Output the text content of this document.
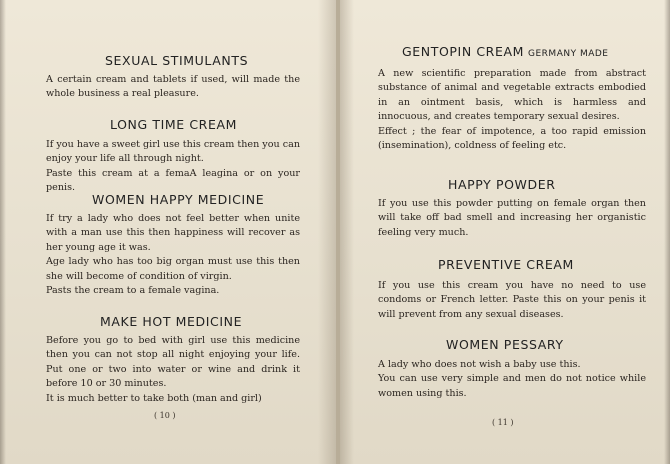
SEXUAL STIMULANTS

A certain cream and tablets if used, will made the whole business a real pleasure.

LONG TIME CREAM

If you have a sweet girl use this cream then you can enjoy your life all through night.

Paste this cream at a femaA leagina or on your penis.

WOMEN HAPPY MEDICINE

If try a lady who does not feel better when unite with a man use this then happiness will recover as her young age it was.

Age lady who has too big organ must use this then she will become of condition of virgin.

Pasts the cream to a female vagina.

MAKE HOT MEDICINE

Before you go to bed with girl use this medicine then you can not stop all night enjoying your life. Put one or two into water or wine and drink it before 10 or 30 minutes.

It is much better to take both (man and girl)

( 10 )
GENTOPIN CREAM GERMANY MADE

A new scientific preparation made from abstract substance of animal and vegetable extracts embodied in an ointment basis, which is harmless and innocuous, and creates temporary sexual desires.

Effect ; the fear of impotence, a too rapid emission (insemination), coldness of feeling etc.

HAPPY POWDER

If you use this powder putting on female organ then will take off bad smell and increasing her organistic feeling very much.

PREVENTIVE CREAM

If you use this cream you have no need to use condoms or French letter. Paste this on your penis it will prevent from any sexual diseases.

WOMEN PESSARY

A lady who does not wish a baby use this.

You can use very simple and men do not notice while women using this.

( 11 )
